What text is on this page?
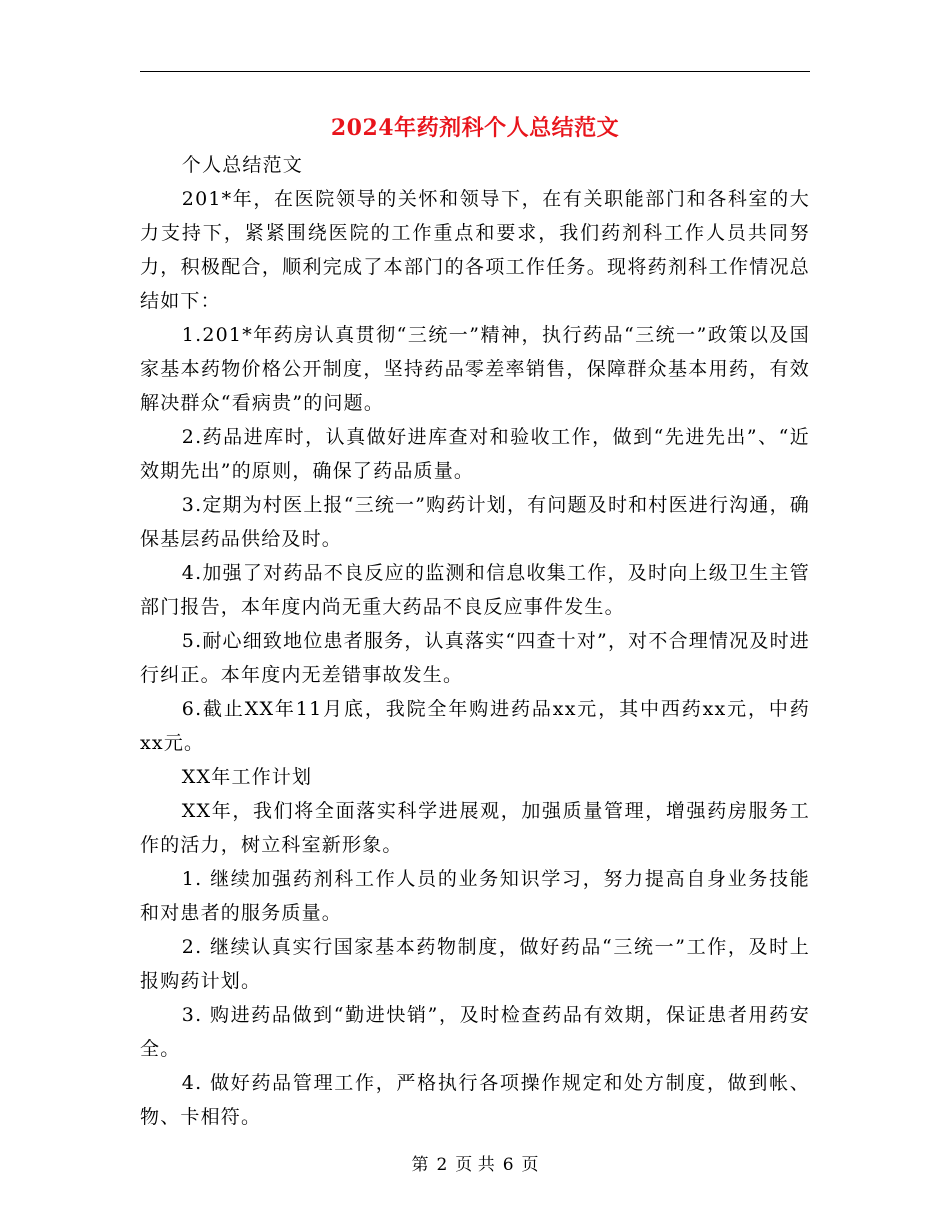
2024年药剂科个人总结范文

个人总结范文

201*年，在医院领导的关怀和领导下，在有关职能部门和各科室的大力支持下，紧紧围绕医院的工作重点和要求，我们药剂科工作人员共同努力，积极配合，顺利完成了本部门的各项工作任务。现将药剂科工作情况总结如下：

1.201*年药房认真贯彻“三统一”精神，执行药品“三统一”政策以及国家基本药物价格公开制度，坚持药品零差率销售，保障群众基本用药，有效解决群众“看病贵”的问题。

2.药品进库时，认真做好进库查对和验收工作，做到“先进先出”、“近效期先出”的原则，确保了药品质量。

3.定期为村医上报“三统一”购药计划，有问题及时和村医进行沟通，确保基层药品供给及时。

4.加强了对药品不良反应的监测和信息收集工作，及时向上级卫生主管部门报告，本年度内尚无重大药品不良反应事件发生。

5.耐心细致地位患者服务，认真落实“四查十对”，对不合理情况及时进行纠正。本年度内无差错事故发生。

6.截止XX年11月底，我院全年购进药品xx元，其中西药xx元，中药xx元。

XX年工作计划

XX年，我们将全面落实科学进展观，加强质量管理，增强药房服务工作的活力，树立科室新形象。

1. 继续加强药剂科工作人员的业务知识学习，努力提高自身业务技能和对患者的服务质量。

2. 继续认真实行国家基本药物制度，做好药品“三统一”工作，及时上报购药计划。

3. 购进药品做到“勤进快销”，及时检查药品有效期，保证患者用药安全。

4. 做好药品管理工作，严格执行各项操作规定和处方制度，做到帐、物、卡相符。

第 2 页 共 6 页
